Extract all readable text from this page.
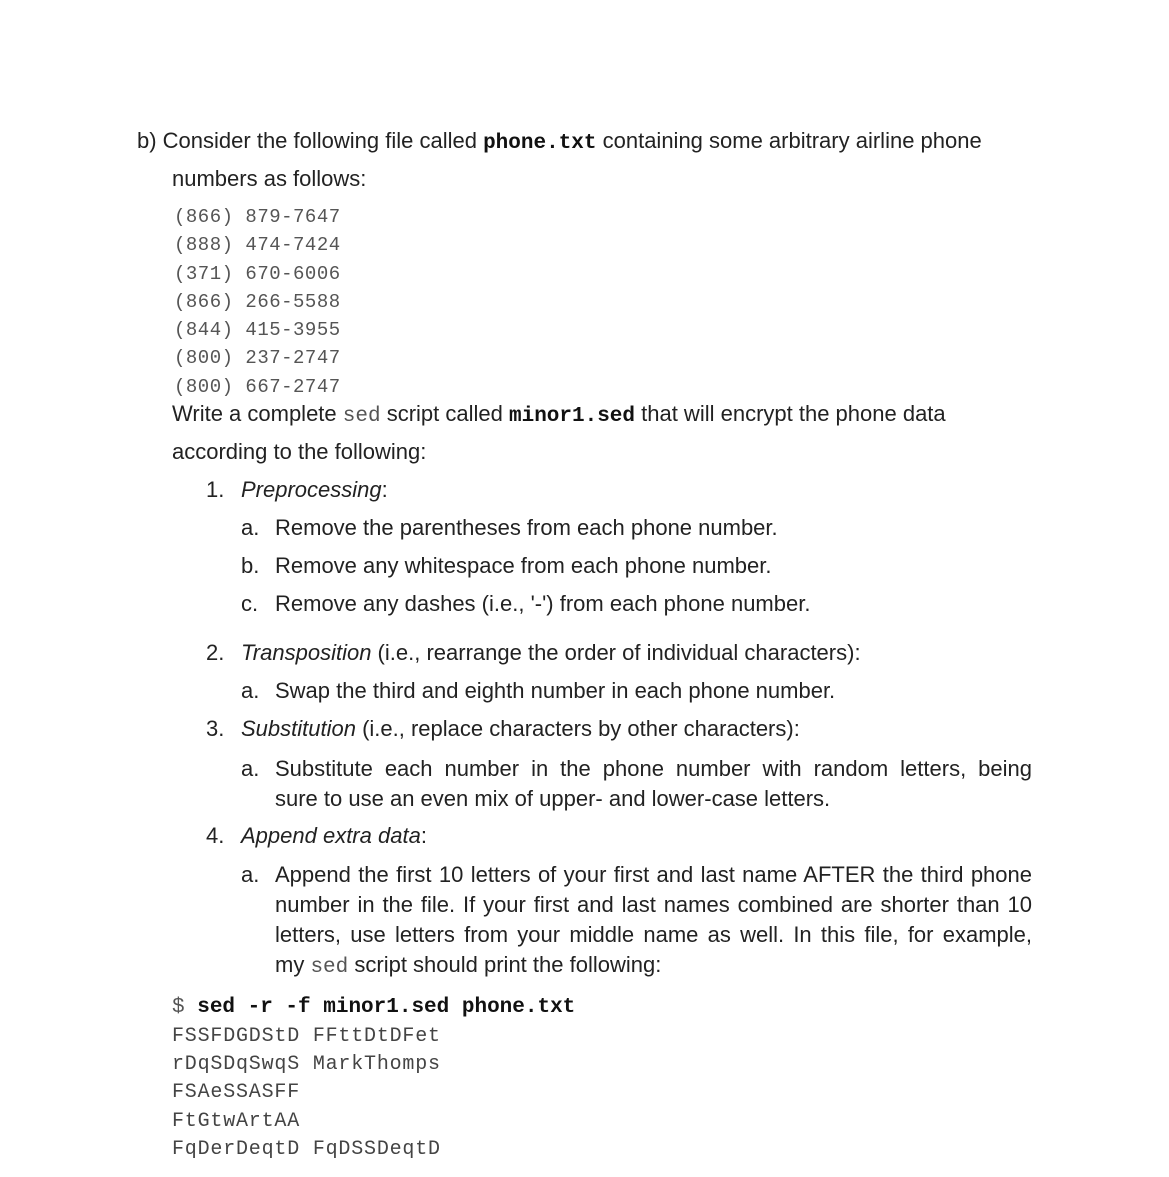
b) Consider the following file called phone.txt containing some arbitrary airline phone
numbers as follows:
(866) 879-7647
(888) 474-7424
(371) 670-6006
(866) 266-5588
(844) 415-3955
(800) 237-2747
(800) 667-2747
Write a complete sed script called minor1.sed that will encrypt the phone data
according to the following:
1. Preprocessing:
a. Remove the parentheses from each phone number.
b. Remove any whitespace from each phone number.
c. Remove any dashes (i.e., '-') from each phone number.
2. Transposition (i.e., rearrange the order of individual characters):
a. Swap the third and eighth number in each phone number.
3. Substitution (i.e., replace characters by other characters):
a. Substitute each number in the phone number with random letters, being
sure to use an even mix of upper- and lower-case letters.
4. Append extra data:
a. Append the first 10 letters of your first and last name AFTER the third phone
number in the file. If your first and last names combined are shorter than 10
letters, use letters from your middle name as well. In this file, for example,
my sed script should print the following:
$ sed -r -f minor1.sed phone.txt
FSSFDGDStD FFttDtDFet
rDqSDqSwqS MarkThomps
FSAeSSASFF
FtGtwArtAA
FqDerDeqtD FqDSSDeqtD
